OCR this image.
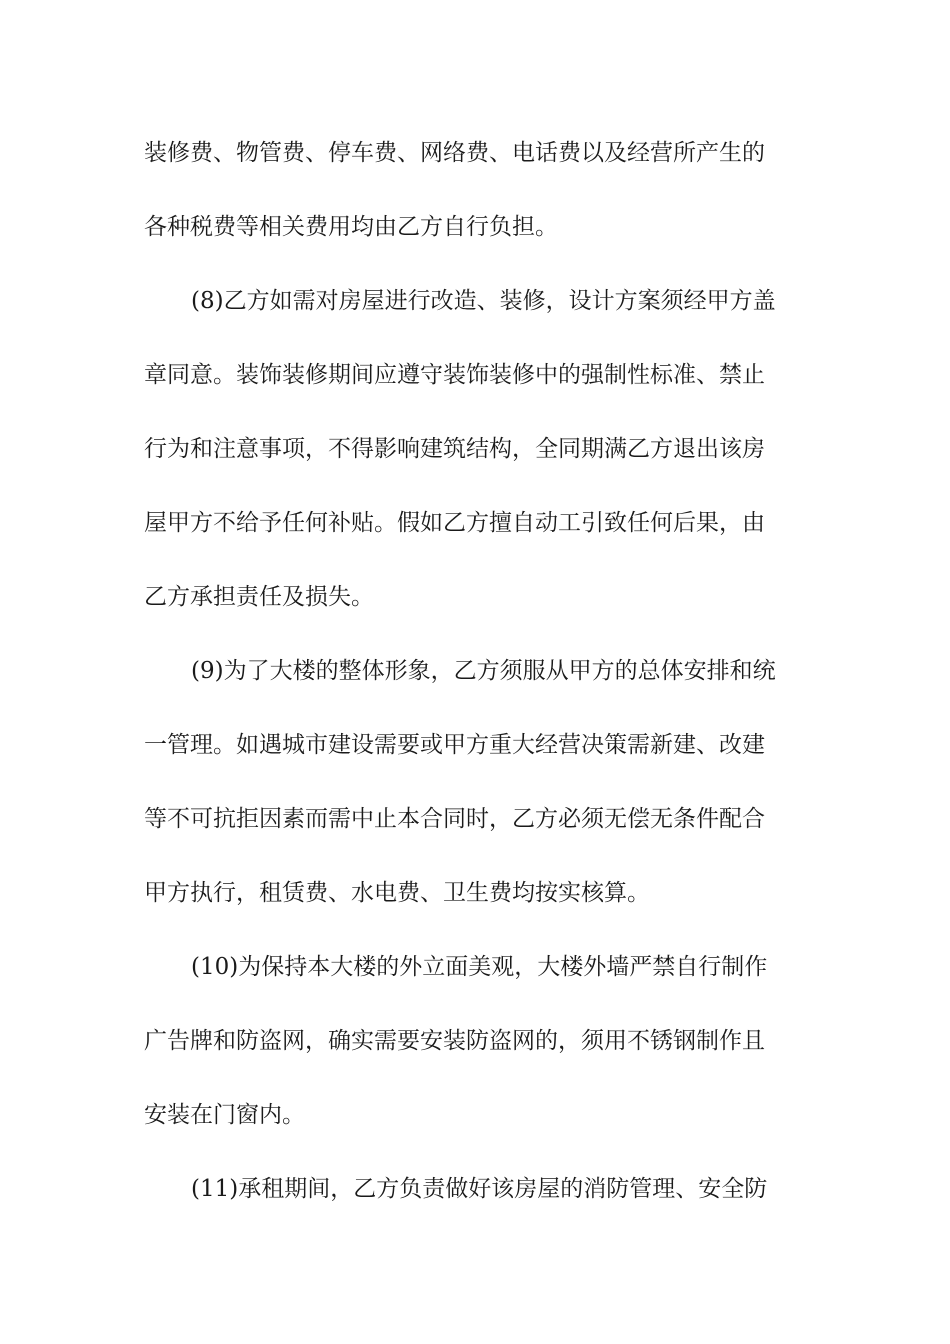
装修费、物管费、停车费、网络费、电话费以及经营所产生的
各种税费等相关费用均由乙方自行负担。
(8)乙方如需对房屋进行改造、装修，设计方案须经甲方盖
章同意。装饰装修期间应遵守装饰装修中的强制性标准、禁止
行为和注意事项，不得影响建筑结构，全同期满乙方退出该房
屋甲方不给予任何补贴。假如乙方擅自动工引致任何后果，由
乙方承担责任及损失。
(9)为了大楼的整体形象，乙方须服从甲方的总体安排和统
一管理。如遇城市建设需要或甲方重大经营决策需新建、改建
等不可抗拒因素而需中止本合同时，乙方必须无偿无条件配合
甲方执行，租赁费、水电费、卫生费均按实核算。
(10)为保持本大楼的外立面美观，大楼外墙严禁自行制作
广告牌和防盗网，确实需要安装防盗网的，须用不锈钢制作且
安装在门窗内。
(11)承租期间，乙方负责做好该房屋的消防管理、安全防
